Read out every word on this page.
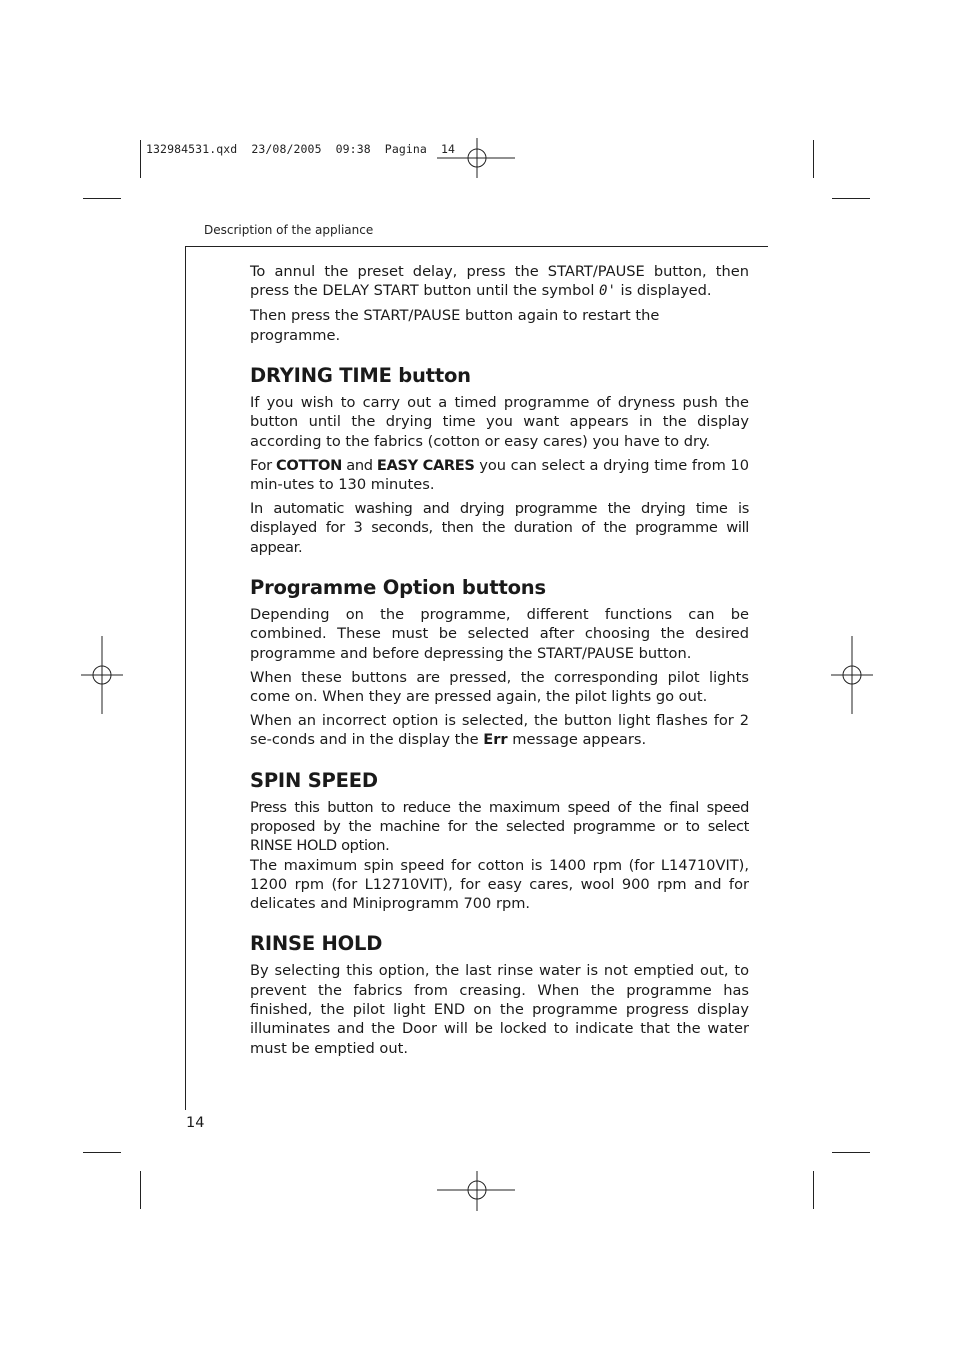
132984531.qxd  23/08/2005  09:38  Pagina  14
Description of the appliance

To annul the preset delay, press the START/PAUSE button, then press the DELAY START button until the symbol 0' is displayed.

Then press the START/PAUSE button again to restart the programme.

DRYING TIME button

If you wish to carry out a timed programme of dryness push the button until the drying time you want appears in the display according to the fabrics (cotton or easy cares) you have to dry.

For COTTON and EASY CARES you can select a drying time from 10 min-utes to 130 minutes.

In automatic washing and drying programme the drying time is displayed for 3 seconds, then the duration of the programme will appear.

Programme Option buttons

Depending on the programme, different functions can be combined. These must be selected after choosing the desired programme and before depressing the START/PAUSE button.

When these buttons are pressed, the corresponding pilot lights come on. When they are pressed again, the pilot lights go out.

When an incorrect option is selected, the button light flashes for 2 se-conds and in the display the Err message appears.

SPIN SPEED

Press this button to reduce the maximum speed of the final speed proposed by the machine for the selected programme or to select RINSE HOLD option.

The maximum spin speed for cotton is 1400 rpm (for L14710VIT), 1200 rpm (for L12710VIT), for easy cares, wool 900 rpm and for delicates and Miniprogramm 700 rpm.

RINSE HOLD

By selecting this option, the last rinse water is not emptied out, to prevent the fabrics from creasing. When the programme has finished, the pilot light END on the programme progress display illuminates and the Door will be locked to indicate that the water must be emptied out.

14
